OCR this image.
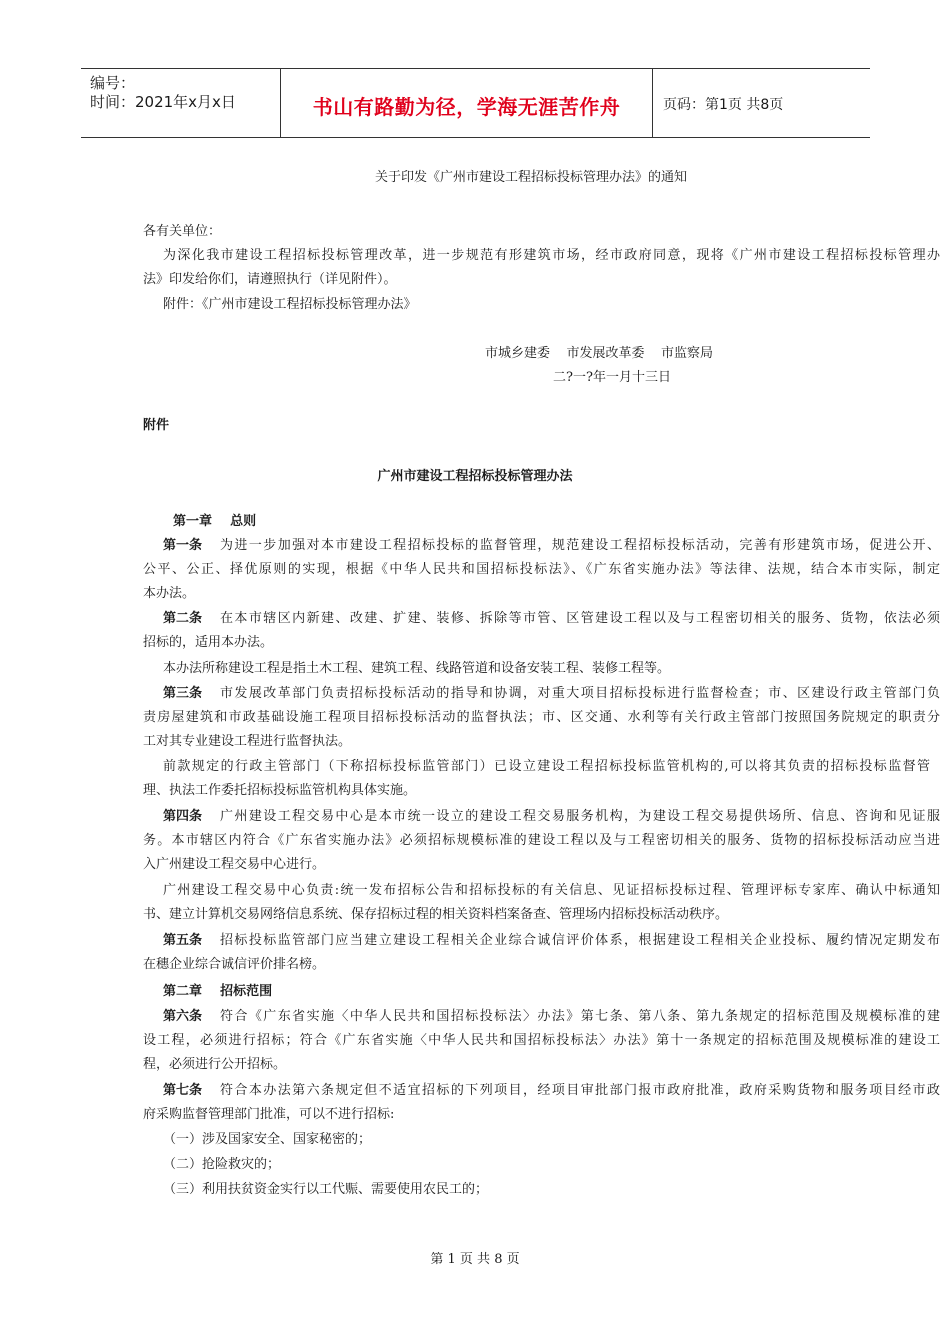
编号：
时间：2021年x月x日	书山有路勤为径，学海无涯苦作舟	页码：第1页 共8页
关于印发《广州市建设工程招标投标管理办法》的通知
各有关单位：
为深化我市建设工程招标投标管理改革，进一步规范有形建筑市场，经市政府同意，现将《广州市建设工程招标投标管理办
法》印发给你们，请遵照执行（详见附件）。
附件：《广州市建设工程招标投标管理办法》
市城乡建委    市发展改革委    市监察局
二?一?年一月十三日
附件
广州市建设工程招标投标管理办法
第一章    总则
第一条 为进一步加强对本市建设工程招标投标的监督管理，规范建设工程招标投标活动，完善有形建筑市场，促进公开、
公平、公正、择优原则的实现，根据《中华人民共和国招标投标法》、《广东省实施办法》等法律、法规，结合本市实际，制定
本办法。
第二条 在本市辖区内新建、改建、扩建、装修、拆除等市管、区管建设工程以及与工程密切相关的服务、货物，依法必须
招标的，适用本办法。
本办法所称建设工程是指土木工程、建筑工程、线路管道和设备安装工程、装修工程等。
第三条 市发展改革部门负责招标投标活动的指导和协调，对重大项目招标投标进行监督检查；市、区建设行政主管部门负
责房屋建筑和市政基础设施工程项目招标投标活动的监督执法；市、区交通、水利等有关行政主管部门按照国务院规定的职责分
工对其专业建设工程进行监督执法。
前款规定的行政主管部门（下称招标投标监管部门）已设立建设工程招标投标监管机构的,可以将其负责的招标投标监督管
理、执法工作委托招标投标监管机构具体实施。
第四条 广州建设工程交易中心是本市统一设立的建设工程交易服务机构，为建设工程交易提供场所、信息、咨询和见证服
务。本市辖区内符合《广东省实施办法》必须招标规模标准的建设工程以及与工程密切相关的服务、货物的招标投标活动应当进
入广州建设工程交易中心进行。
广州建设工程交易中心负责:统一发布招标公告和招标投标的有关信息、见证招标投标过程、管理评标专家库、确认中标通知
书、建立计算机交易网络信息系统、保存招标过程的相关资料档案备查、管理场内招标投标活动秩序。
第五条 招标投标监管部门应当建立建设工程相关企业综合诚信评价体系，根据建设工程相关企业投标、履约情况定期发布
在穗企业综合诚信评价排名榜。
第二章    招标范围
第六条 符合《广东省实施〈中华人民共和国招标投标法〉办法》第七条、第八条、第九条规定的招标范围及规模标准的建
设工程，必须进行招标；符合《广东省实施〈中华人民共和国招标投标法〉办法》第十一条规定的招标范围及规模标准的建设工
程，必须进行公开招标。
第七条 符合本办法第六条规定但不适宜招标的下列项目，经项目审批部门报市政府批准，政府采购货物和服务项目经市政
府采购监督管理部门批准，可以不进行招标:
（一）涉及国家安全、国家秘密的；
（二）抢险救灾的；
（三）利用扶贫资金实行以工代赈、需要使用农民工的；
第 1 页 共 8 页
